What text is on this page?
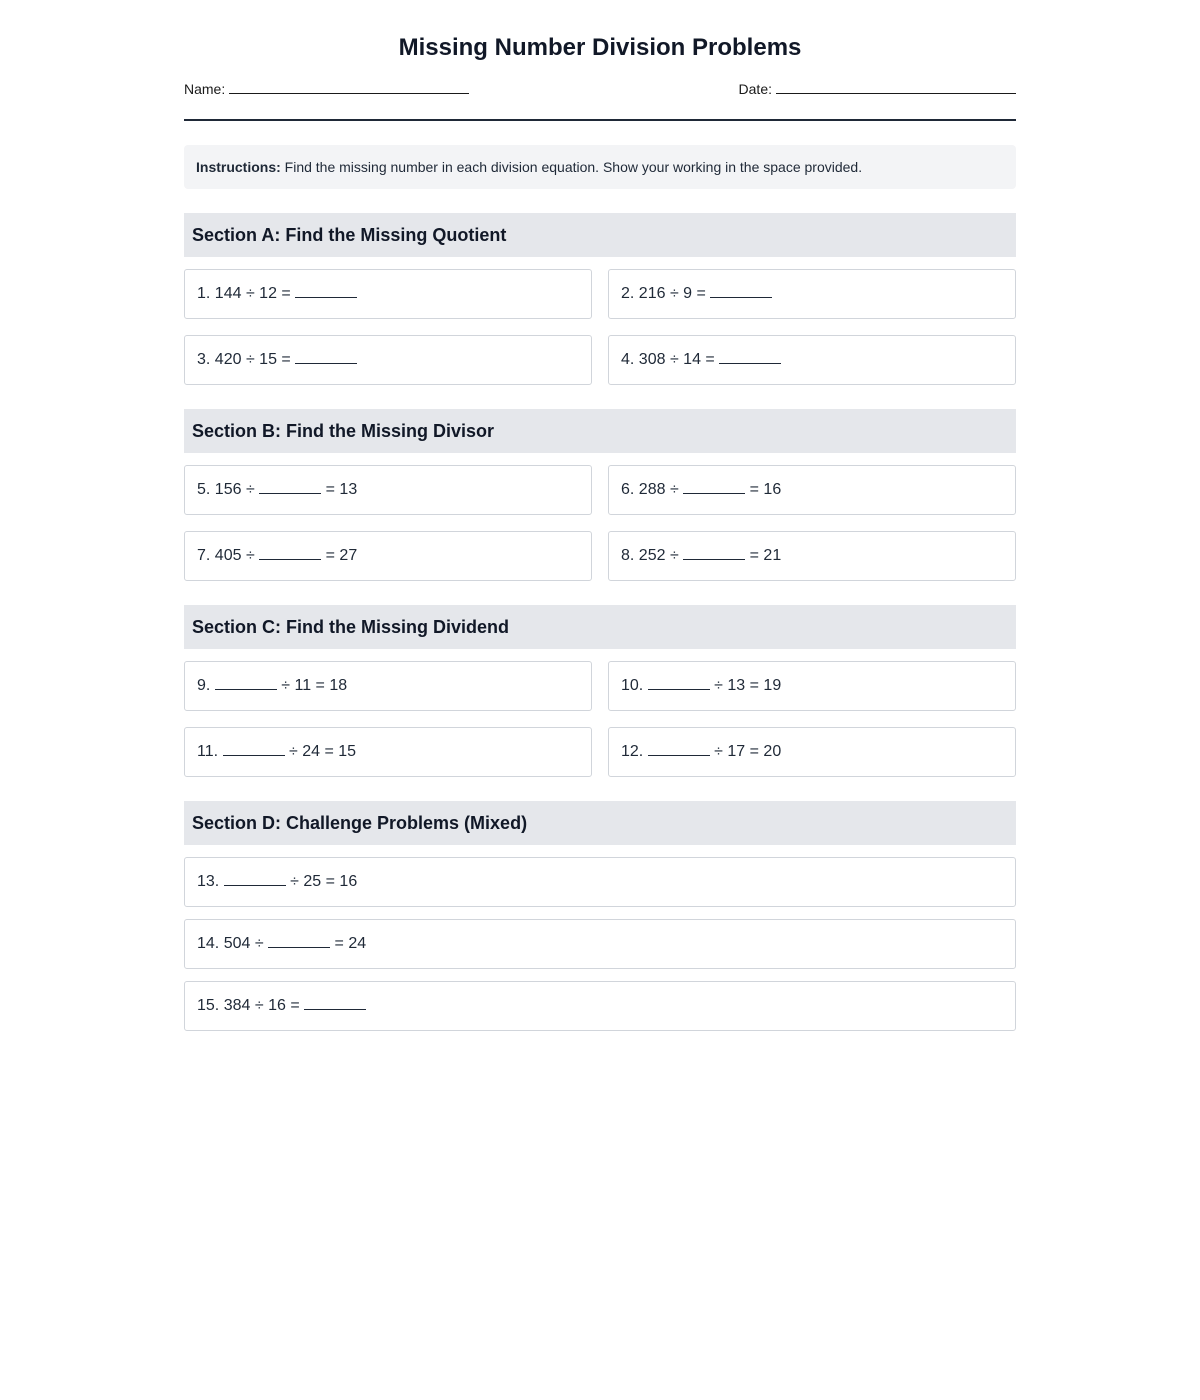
Missing Number Division Problems
Name:	Date:
Instructions: Find the missing number in each division equation. Show your working in the space provided.
Section A: Find the Missing Quotient
1. 144 ÷ 12 =	2. 216 ÷ 9 =
3. 420 ÷ 15 =	4. 308 ÷ 14 =
Section B: Find the Missing Divisor
5. 156 ÷	= 13	6. 288 ÷	= 16
7. 405 ÷	= 27	8. 252 ÷	= 21
Section C: Find the Missing Dividend
9.	÷ 11 = 18	10.	÷ 13 = 19
11.	÷ 24 = 15	12.	÷ 17 = 20
Section D: Challenge Problems (Mixed)
13.	÷ 25 = 16
14. 504 ÷	= 24
15. 384 ÷ 16 =
